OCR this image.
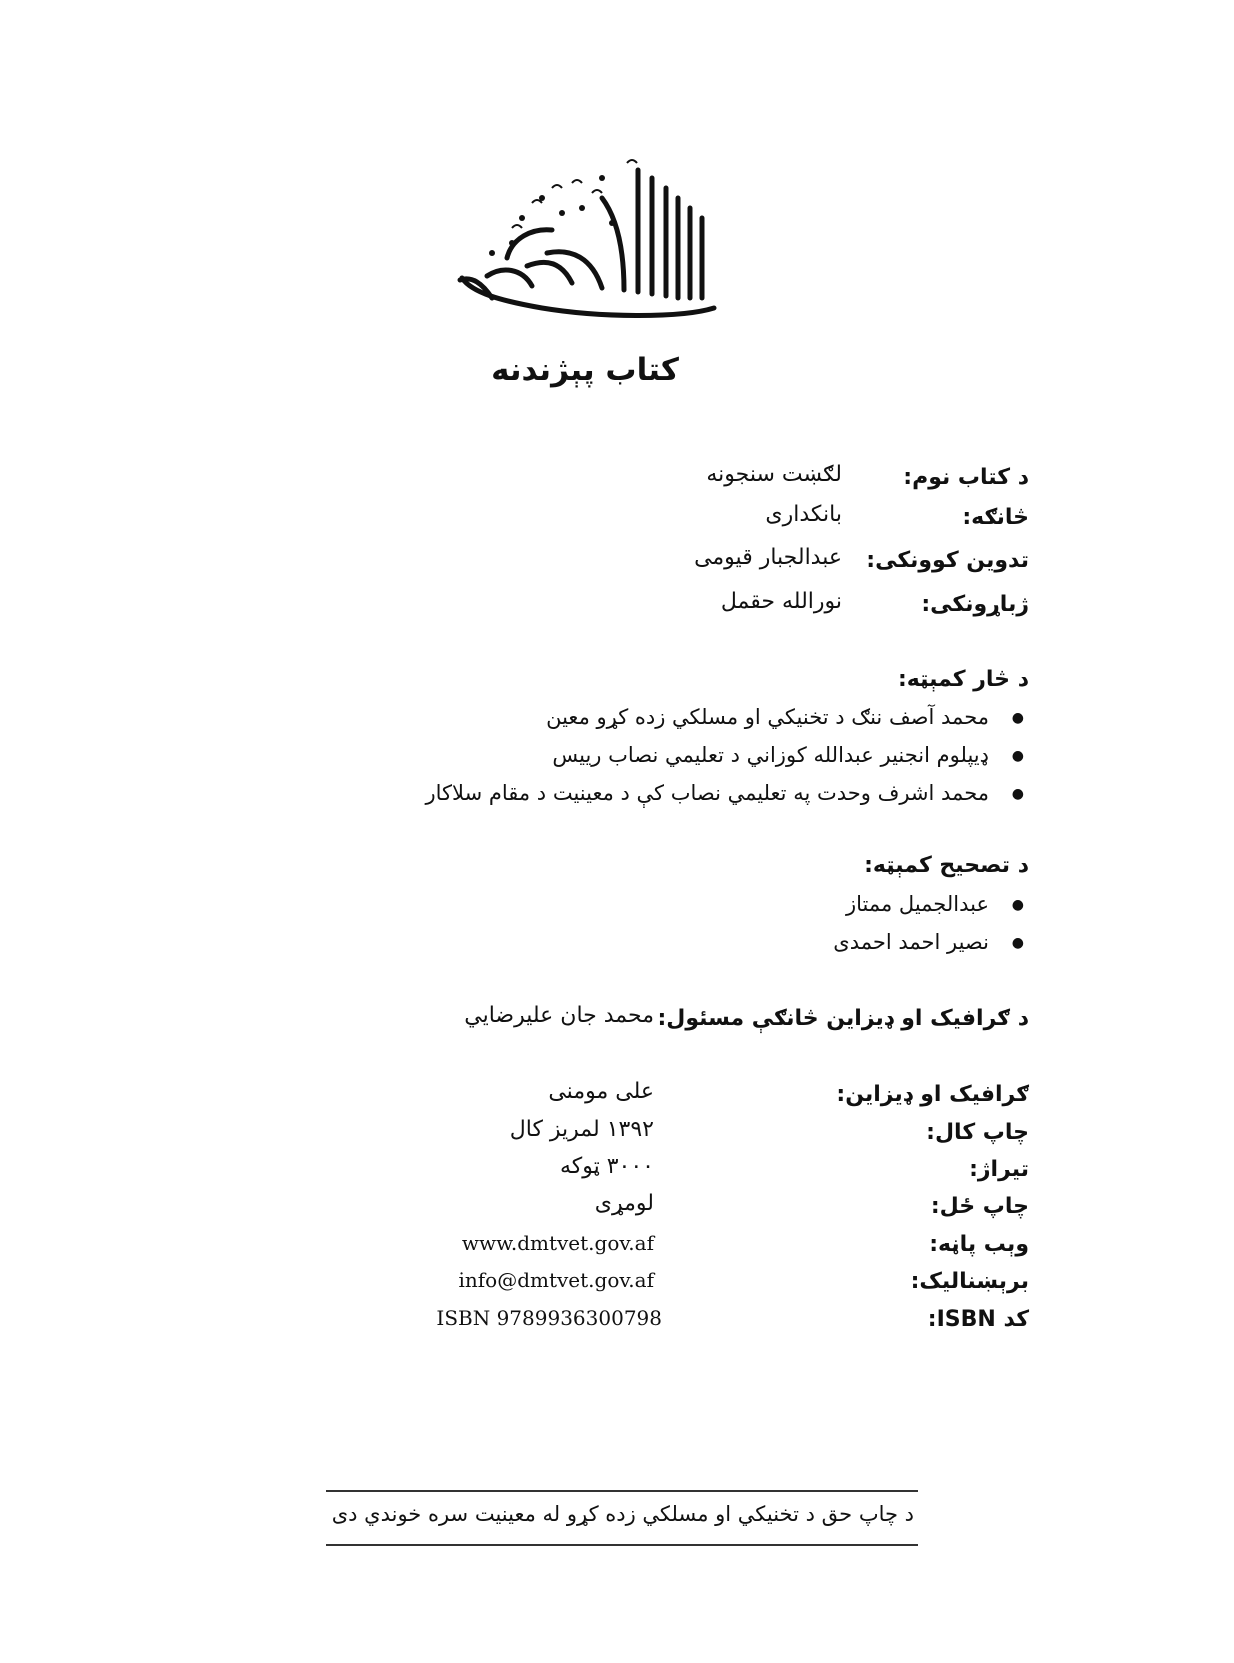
کتاب پېژندنه
د کتاب نوم:
لګښت سنجونه
څانګه:
بانکداری
تدوین کوونکی:
عبدالجبار قیومی
ژباړونکی:
نورالله حقمل
د څار کمېټه:
●
محمد آصف ننګ د تخنیکي او مسلکي زده کړو معین
●
ډیپلوم انجنیر عبدالله کوزاني د تعلیمي نصاب رییس
●
محمد اشرف وحدت په تعلیمي نصاب کې د معینیت د مقام سلاکار
د تصحیح کمېټه:
●
عبدالجمیل ممتاز
●
نصیر احمد احمدی
د ګرافیک او ډیزاین څانګې مسئول:
محمد جان علیرضایي
ګرافیک او ډیزاین:
علی مومنی
چاپ کال:
۱۳۹۲ لمریز کال
تیراژ:
۳۰۰۰ ټوکه
چاپ ځل:
لومړی
وېب پاڼه:
www.dmtvet.gov.af
برېښنالیک:
info@dmtvet.gov.af
کد ISBN:
ISBN 9789936300798
د چاپ حق د تخنیکي او مسلکي زده کړو له معینیت سره خوندي دی
